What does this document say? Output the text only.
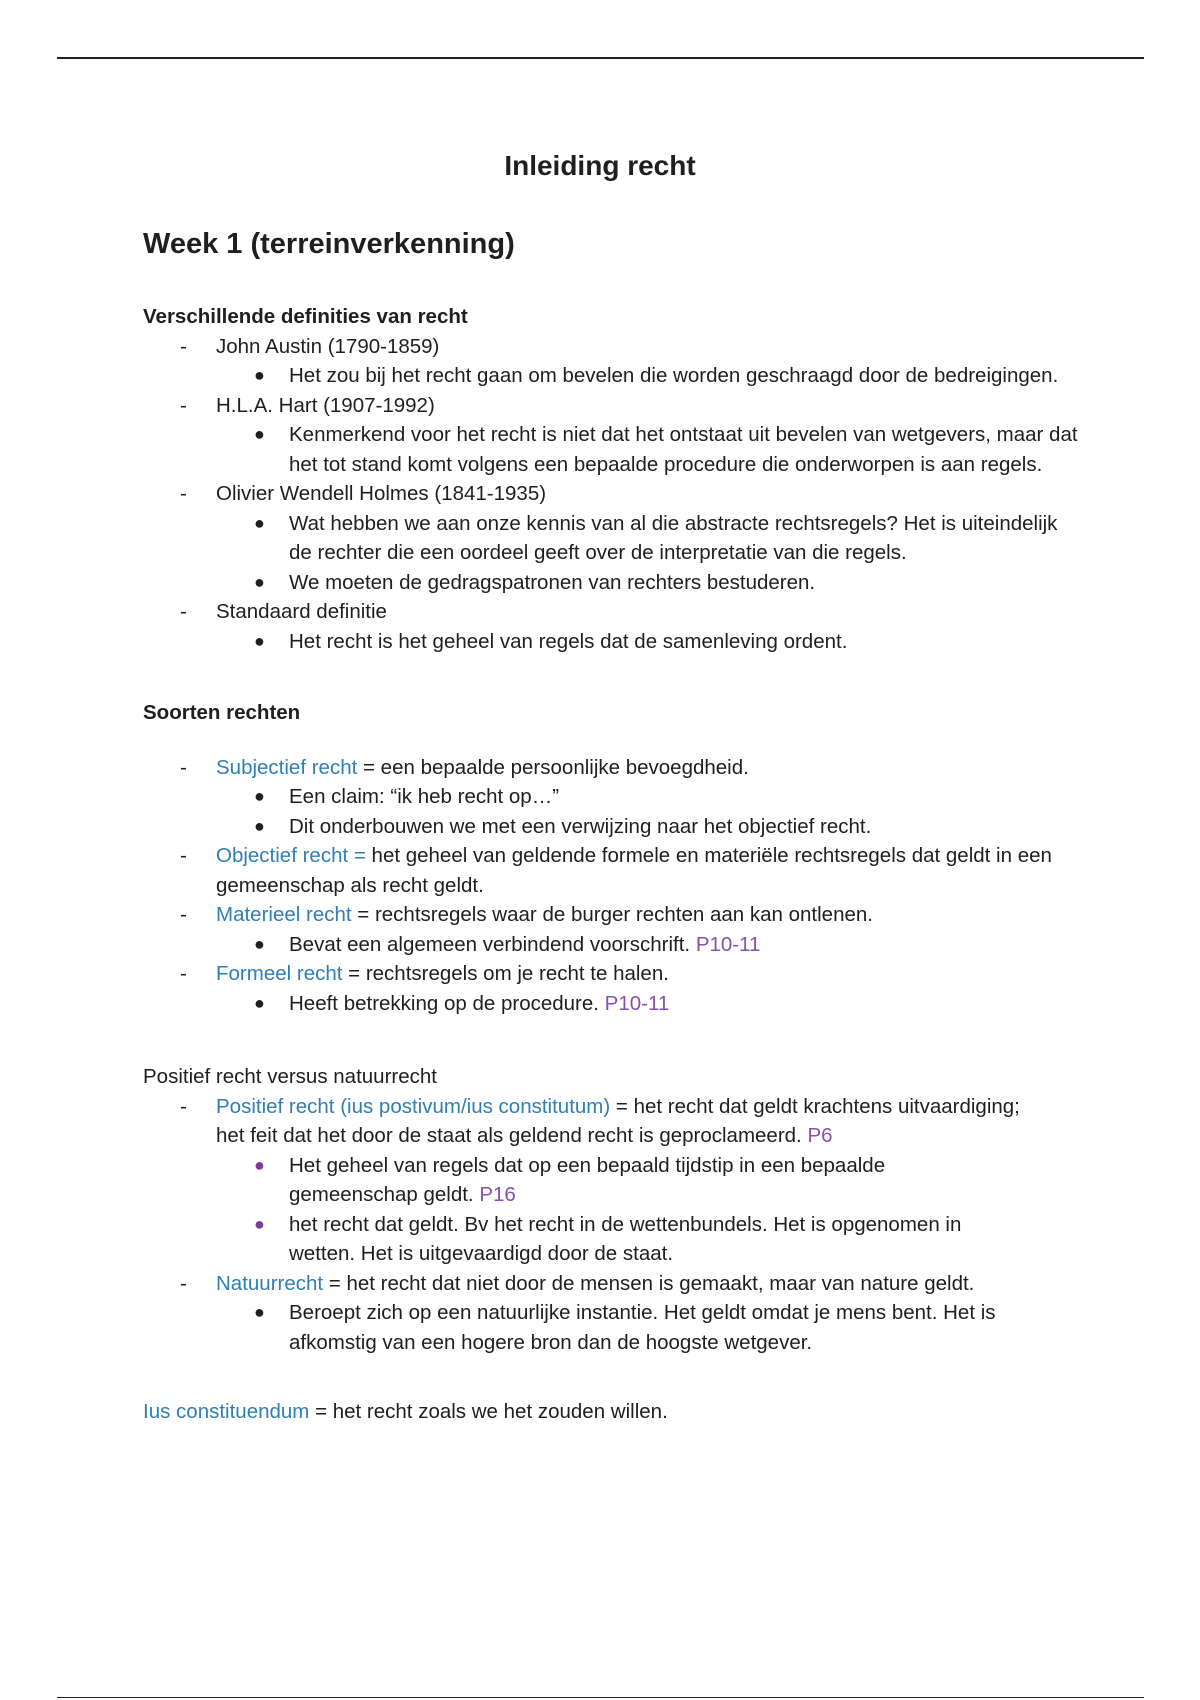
Inleiding recht
Week 1 (terreinverkenning)
Verschillende definities van recht
- John Austin (1790-1859)
● Het zou bij het recht gaan om bevelen die worden geschraagd door de bedreigingen.
- H.L.A. Hart (1907-1992)
● Kenmerkend voor het recht is niet dat het ontstaat uit bevelen van wetgevers, maar dat het tot stand komt volgens een bepaalde procedure die onderworpen is aan regels.
- Olivier Wendell Holmes (1841-1935)
● Wat hebben we aan onze kennis van al die abstracte rechtsregels? Het is uiteindelijk de rechter die een oordeel geeft over de interpretatie van die regels.
● We moeten de gedragspatronen van rechters bestuderen.
- Standaard definitie
● Het recht is het geheel van regels dat de samenleving ordent.
Soorten rechten
- Subjectief recht = een bepaalde persoonlijke bevoegdheid.
● Een claim: “ik heb recht op…”
● Dit onderbouwen we met een verwijzing naar het objectief recht.
- Objectief recht = het geheel van geldende formele en materiële rechtsregels dat geldt in een gemeenschap als recht geldt.
- Materieel recht = rechtsregels waar de burger rechten aan kan ontlenen.
● Bevat een algemeen verbindend voorschrift. P10-11
- Formeel recht = rechtsregels om je recht te halen.
● Heeft betrekking op de procedure. P10-11
Positief recht versus natuurrecht
- Positief recht (ius postivum/ius constitutum) = het recht dat geldt krachtens uitvaardiging; het feit dat het door de staat als geldend recht is geproclameerd. P6
● Het geheel van regels dat op een bepaald tijdstip in een bepaalde gemeenschap geldt. P16
● het recht dat geldt. Bv het recht in de wettenbundels. Het is opgenomen in wetten. Het is uitgevaardigd door de staat.
- Natuurrecht = het recht dat niet door de mensen is gemaakt, maar van nature geldt.
● Beroept zich op een natuurlijke instantie. Het geldt omdat je mens bent. Het is afkomstig van een hogere bron dan de hoogste wetgever.
Ius constituendum = het recht zoals we het zouden willen.
